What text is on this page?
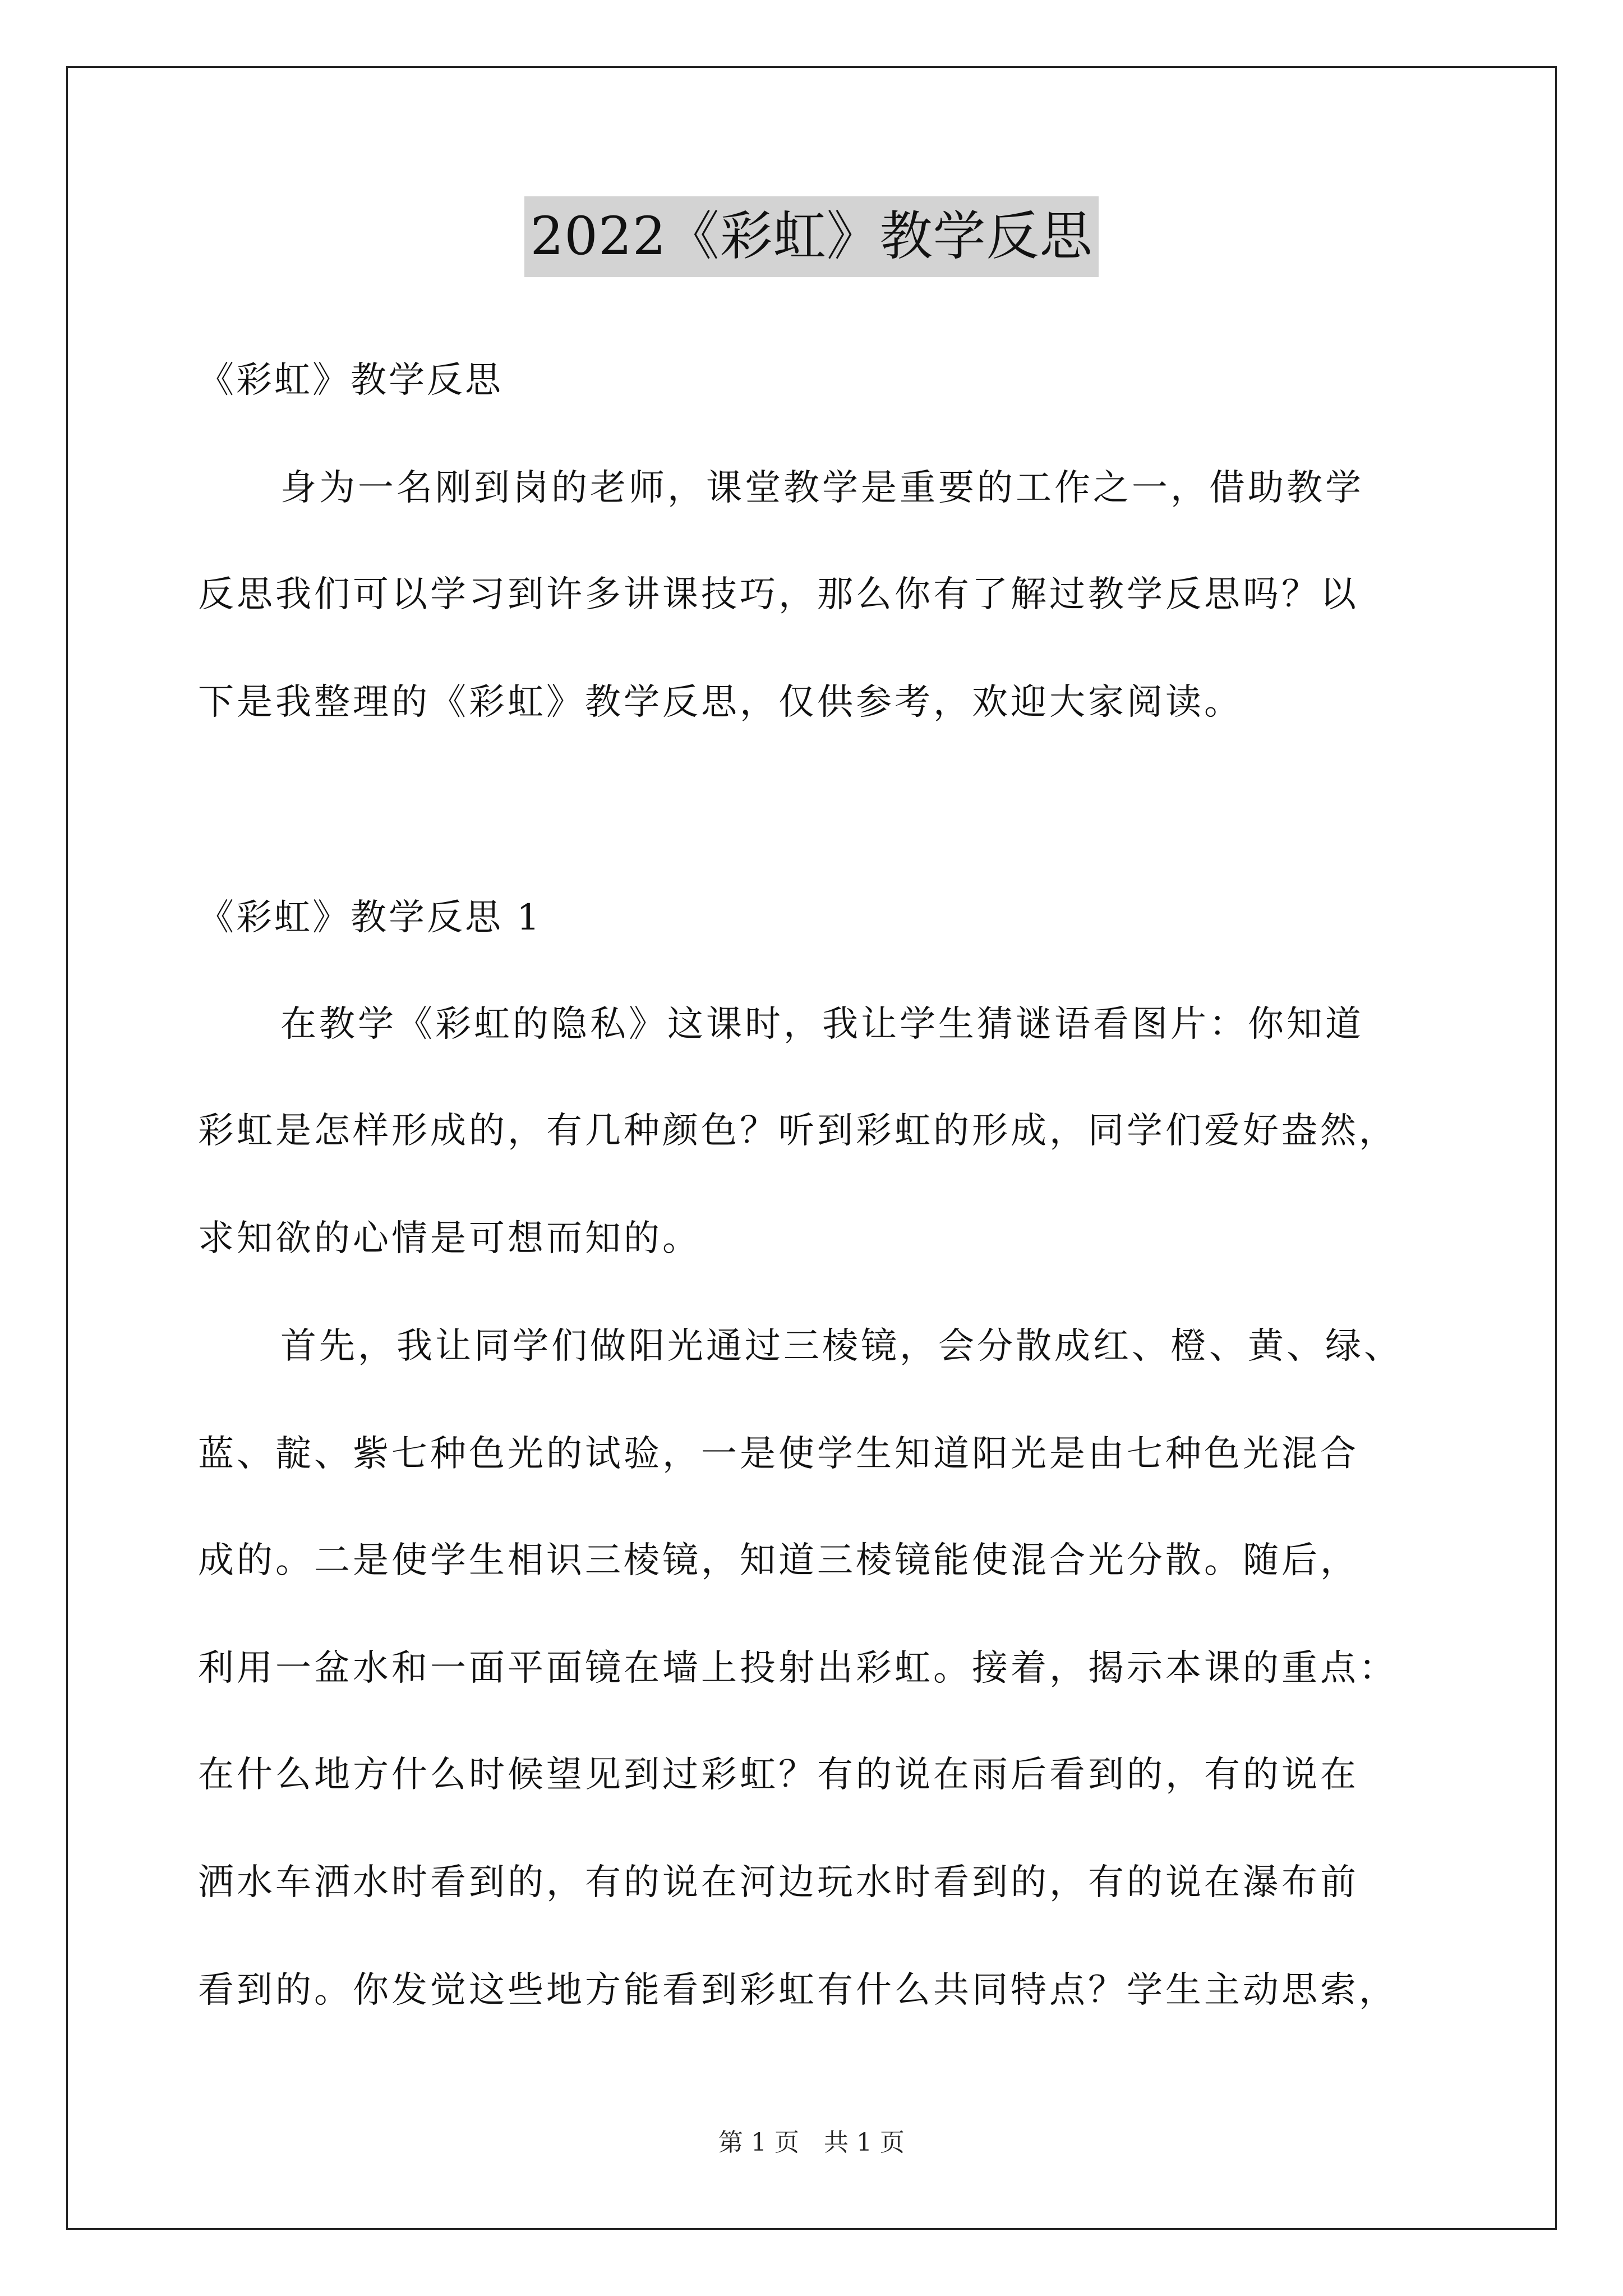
2022《彩虹》教学反思
《彩虹》教学反思
身为一名刚到岗的老师，课堂教学是重要的工作之一，借助教学
反思我们可以学习到许多讲课技巧，那么你有了解过教学反思吗？以
下是我整理的《彩虹》教学反思，仅供参考，欢迎大家阅读。
《彩虹》教学反思 1
在教学《彩虹的隐私》这课时，我让学生猜谜语看图片：你知道
彩虹是怎样形成的，有几种颜色？听到彩虹的形成，同学们爱好盎然，
求知欲的心情是可想而知的。
首先，我让同学们做阳光通过三棱镜，会分散成红、橙、黄、绿、
蓝、靛、紫七种色光的试验，一是使学生知道阳光是由七种色光混合
成的。二是使学生相识三棱镜，知道三棱镜能使混合光分散。随后，
利用一盆水和一面平面镜在墙上投射出彩虹。接着，揭示本课的重点：
在什么地方什么时候望见到过彩虹？有的说在雨后看到的，有的说在
洒水车洒水时看到的，有的说在河边玩水时看到的，有的说在瀑布前
看到的。你发觉这些地方能看到彩虹有什么共同特点？学生主动思索，
第 1 页　共 1 页
